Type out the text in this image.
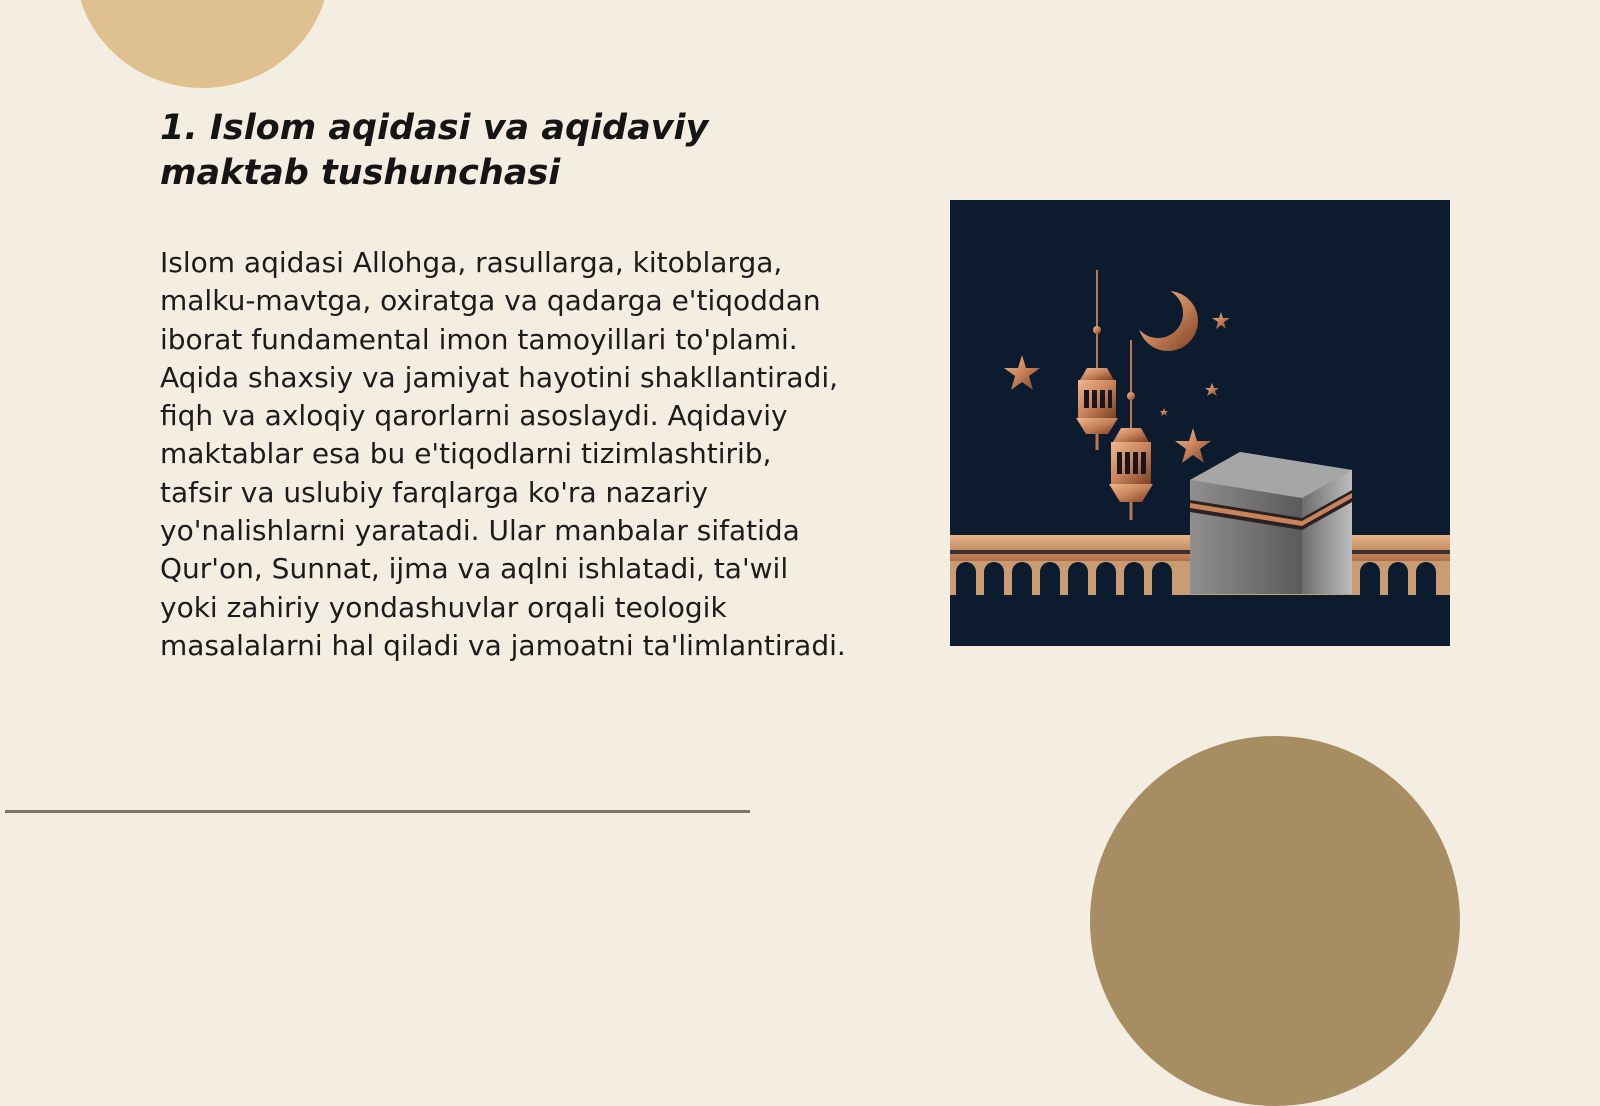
1. Islom aqidasi va aqidaviy maktab tushunchasi

Islom aqidasi Allohga, rasullarga, kitoblarga, malku-mavtga, oxiratga va qadarga e'tiqoddan iborat fundamental imon tamoyillari to'plami. Aqida shaxsiy va jamiyat hayotini shakllantiradi, fiqh va axloqiy qarorlarni asoslaydi. Aqidaviy maktablar esa bu e'tiqodlarni tizimlashtirib, tafsir va uslubiy farqlarga ko'ra nazariy yo'nalishlarni yaratadi. Ular manbalar sifatida Qur'on, Sunnat, ijma va aqlni ishlatadi, ta'wil yoki zahiriy yondashuvlar orqali teologik masalalarni hal qiladi va jamoatni ta'limlantiradi.
